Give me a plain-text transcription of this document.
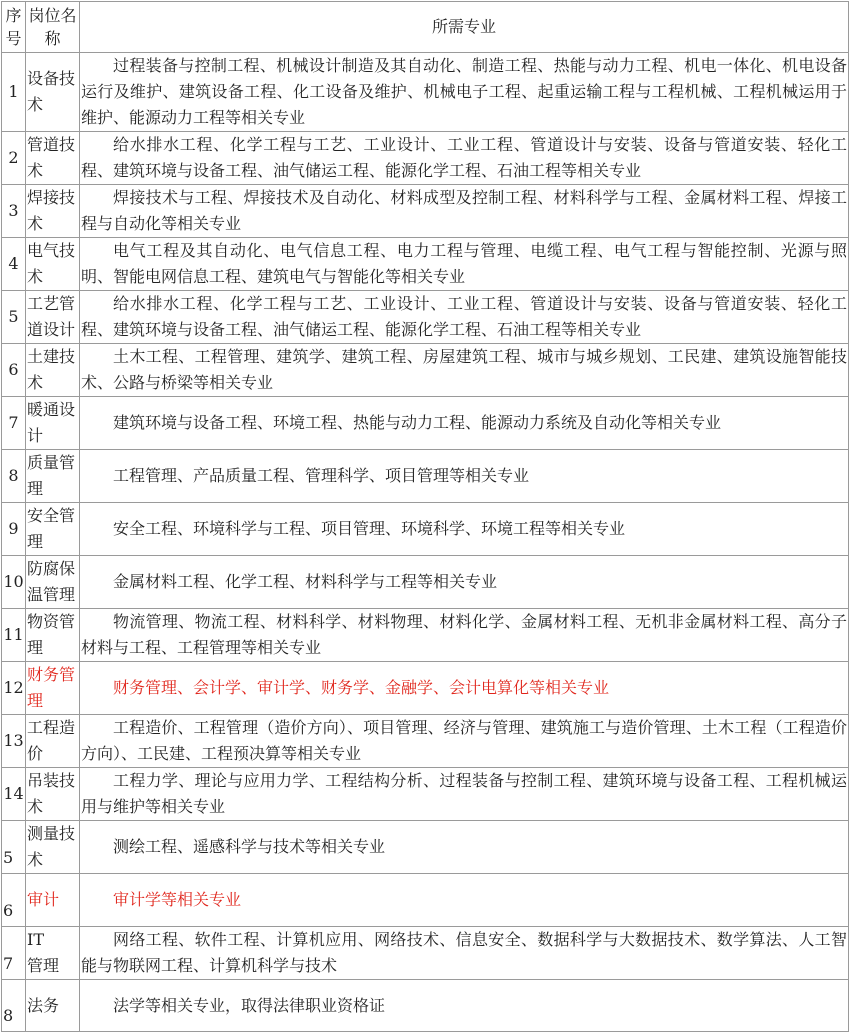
序号	岗位名称	所需专业
1	设备技术	过程装备与控制工程、机械设计制造及其自动化、制造工程、热能与动力工程、机电一体化、机电设备运行及维护、建筑设备工程、化工设备及维护、机械电子工程、起重运输工程与工程机械、工程机械运用于维护、能源动力工程等相关专业
2	管道技术	给水排水工程、化学工程与工艺、工业设计、工业工程、管道设计与安装、设备与管道安装、轻化工程、建筑环境与设备工程、油气储运工程、能源化学工程、石油工程等相关专业
3	焊接技术	焊接技术与工程、焊接技术及自动化、材料成型及控制工程、材料科学与工程、金属材料工程、焊接工程与自动化等相关专业
4	电气技术	电气工程及其自动化、电气信息工程、电力工程与管理、电缆工程、电气工程与智能控制、光源与照明、智能电网信息工程、建筑电气与智能化等相关专业
5	工艺管道设计	给水排水工程、化学工程与工艺、工业设计、工业工程、管道设计与安装、设备与管道安装、轻化工程、建筑环境与设备工程、油气储运工程、能源化学工程、石油工程等相关专业
6	土建技术	土木工程、工程管理、建筑学、建筑工程、房屋建筑工程、城市与城乡规划、工民建、建筑设施智能技术、公路与桥梁等相关专业
7	暖通设计	建筑环境与设备工程、环境工程、热能与动力工程、能源动力系统及自动化等相关专业
8	质量管理	工程管理、产品质量工程、管理科学、项目管理等相关专业
9	安全管理	安全工程、环境科学与工程、项目管理、环境科学、环境工程等相关专业
10	防腐保温管理	金属材料工程、化学工程、材料科学与工程等相关专业
11	物资管理	物流管理、物流工程、材料科学、材料物理、材料化学、金属材料工程、无机非金属材料工程、高分子材料与工程、工程管理等相关专业
12	财务管理	财务管理、会计学、审计学、财务学、金融学、会计电算化等相关专业
13	工程造价	工程造价、工程管理（造价方向）、项目管理、经济与管理、建筑施工与造价管理、土木工程（工程造价方向）、工民建、工程预决算等相关专业
14	吊装技术	工程力学、理论与应用力学、工程结构分析、过程装备与控制工程、建筑环境与设备工程、工程机械运用与维护等相关专业
5	测量技术	测绘工程、遥感科学与技术等相关专业
6	审计	审计学等相关专业
7	IT管理	网络工程、软件工程、计算机应用、网络技术、信息安全、数据科学与大数据技术、数学算法、人工智能与物联网工程、计算机科学与技术
8	法务	法学等相关专业，取得法律职业资格证
